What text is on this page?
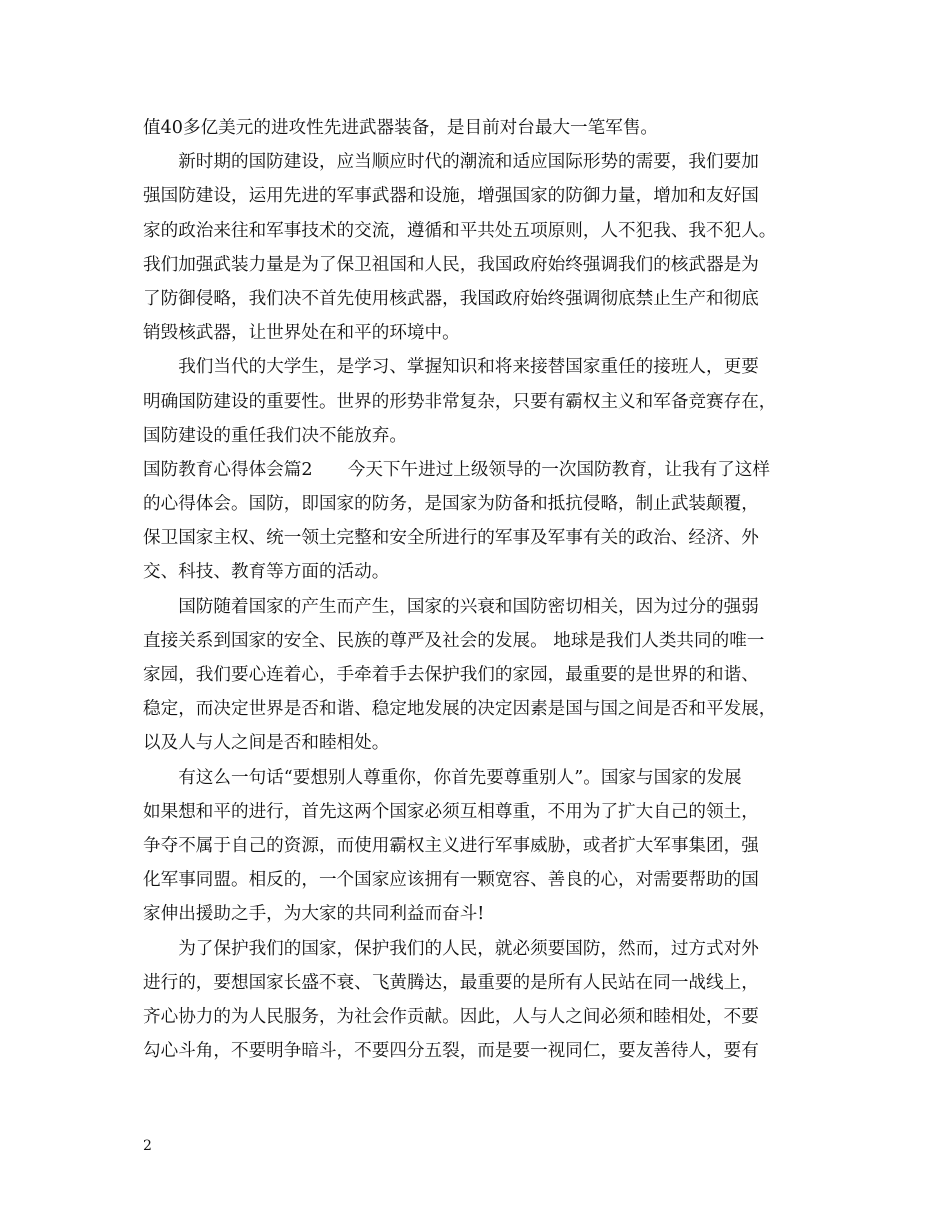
值40多亿美元的进攻性先进武器装备，是目前对台最大一笔军售。
　　新时期的国防建设，应当顺应时代的潮流和适应国际形势的需要，我们要加
强国防建设，运用先进的军事武器和设施，增强国家的防御力量，增加和友好国
家的政治来往和军事技术的交流，遵循和平共处五项原则，人不犯我、我不犯人。
我们加强武装力量是为了保卫祖国和人民，我国政府始终强调我们的核武器是为
了防御侵略，我们决不首先使用核武器，我国政府始终强调彻底禁止生产和彻底
销毁核武器，让世界处在和平的环境中。
　　我们当代的大学生，是学习、掌握知识和将来接替国家重任的接班人，更要
明确国防建设的重要性。世界的形势非常复杂，只要有霸权主义和军备竞赛存在，
国防建设的重任我们决不能放弃。
国防教育心得体会篇2　　今天下午进过上级领导的一次国防教育，让我有了这样
的心得体会。国防，即国家的防务，是国家为防备和抵抗侵略，制止武装颠覆，
保卫国家主权、统一领土完整和安全所进行的军事及军事有关的政治、经济、外
交、科技、教育等方面的活动。
　　国防随着国家的产生而产生，国家的兴衰和国防密切相关，因为过分的强弱
直接关系到国家的安全、民族的尊严及社会的发展。 地球是我们人类共同的唯一
家园，我们要心连着心，手牵着手去保护我们的家园，最重要的是世界的和谐、
稳定，而决定世界是否和谐、稳定地发展的决定因素是国与国之间是否和平发展，
以及人与人之间是否和睦相处。
　　有这么一句话“要想别人尊重你，你首先要尊重别人”。国家与国家的发展
如果想和平的进行，首先这两个国家必须互相尊重，不用为了扩大自己的领土，
争夺不属于自己的资源，而使用霸权主义进行军事威胁，或者扩大军事集团，强
化军事同盟。相反的，一个国家应该拥有一颗宽容、善良的心，对需要帮助的国
家伸出援助之手，为大家的共同利益而奋斗!
　　为了保护我们的国家，保护我们的人民，就必须要国防，然而，过方式对外
进行的，要想国家长盛不衰、飞黄腾达，最重要的是所有人民站在同一战线上，
齐心协力的为人民服务，为社会作贡献。因此，人与人之间必须和睦相处，不要
勾心斗角，不要明争暗斗，不要四分五裂，而是要一视同仁，要友善待人，要有
2
